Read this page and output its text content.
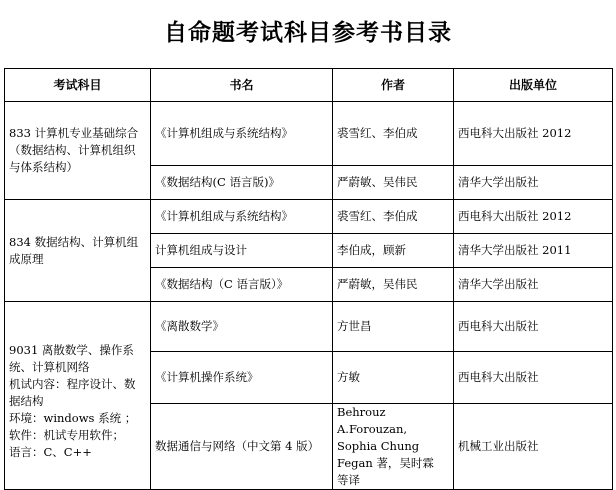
自命题考试科目参考书目录
考试科目	书名	作者	出版单位

833 计算机专业基础综合（数据结构、计算机组织与体系结构）	《计算机组成与系统结构》	裘雪红、李伯成	西电科大出版社 2012
	《数据结构(C 语言版)》	严蔚敏、吴伟民	清华大学出版社

834 数据结构、计算机组成原理	《计算机组成与系统结构》	裘雪红、李伯成	西电科大出版社 2012
	计算机组成与设计	李伯成，顾新	清华大学出版社 2011
	《数据结构（C 语言版）》	严蔚敏，吴伟民	清华大学出版社

9031 离散数学、操作系统、计算机网络
机试内容：程序设计、数据结构
环境：windows 系统 ；
软件：机试专用软件；
语言：C、C++	《离散数学》	方世昌	西电科大出版社
	《计算机操作系统》	方敏	西电科大出版社
	数据通信与网络（中文第 4 版）	Behrouz A.Forouzan, Sophia Chung Fegan 著，吴时霖 等译	机械工业出版社
